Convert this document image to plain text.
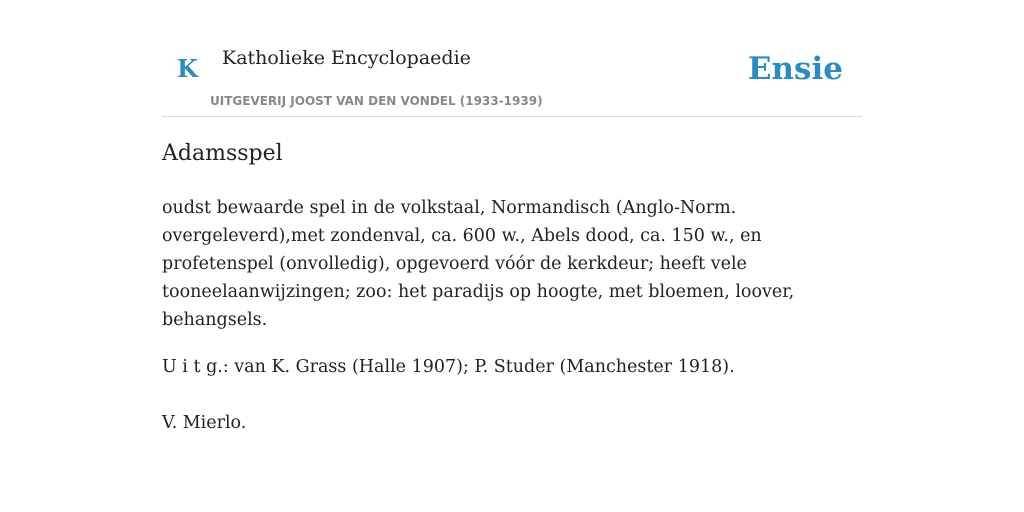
K Katholieke Encyclopaedie
UITGEVERIJ JOOST VAN DEN VONDEL (1933-1939)
Ensie
Adamsspel

oudst bewaarde spel in de volkstaal, Normandisch (Anglo-Norm. overgeleverd),met zondenval, ca. 600 w., Abels dood, ca. 150 w., en profetenspel (onvolledig), opgevoerd vóór de kerkdeur; heeft vele tooneelaanwijzingen; zoo: het paradijs op hoogte, met bloemen, loover, behangsels.

U i t g.: van K. Grass (Halle 1907); P. Studer (Manchester 1918).

V. Mierlo.
